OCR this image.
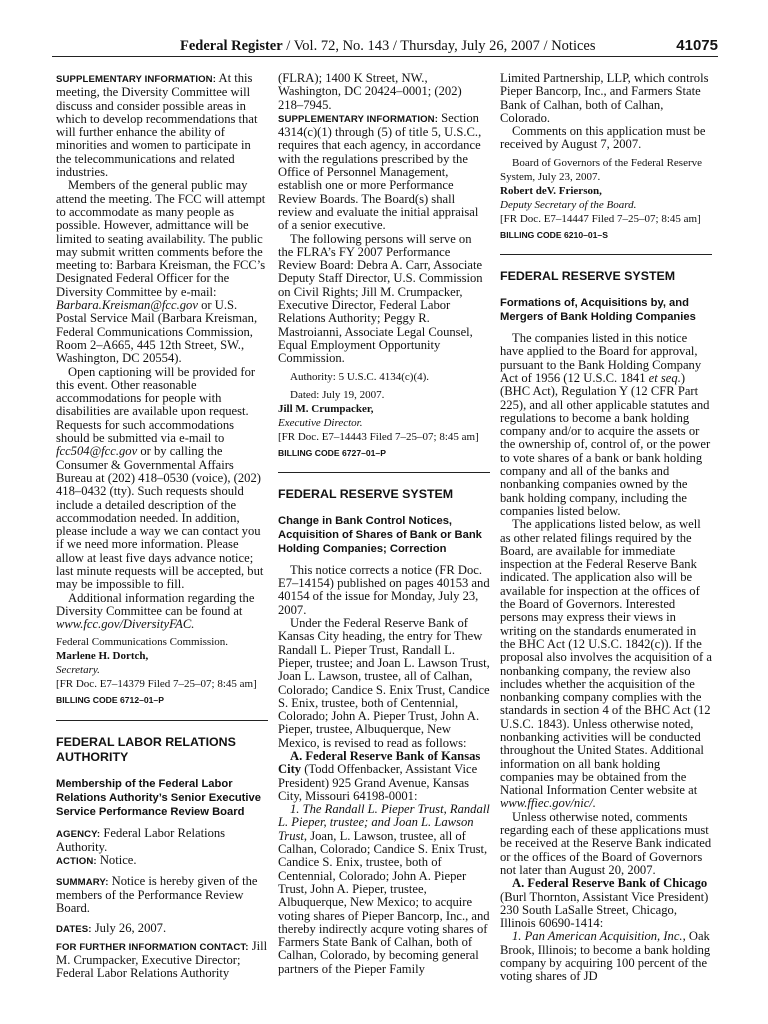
Federal Register / Vol. 72, No. 143 / Thursday, July 26, 2007 / Notices	41075

SUPPLEMENTARY INFORMATION: At this meeting, the Diversity Committee will discuss and consider possible areas in which to develop recommendations that will further enhance the ability of minorities and women to participate in the telecommunications and related industries.

Members of the general public may attend the meeting. The FCC will attempt to accommodate as many people as possible. However, admittance will be limited to seating availability. The public may submit written comments before the meeting to: Barbara Kreisman, the FCC’s Designated Federal Officer for the Diversity Committee by e-mail: Barbara.Kreisman@fcc.gov or U.S. Postal Service Mail (Barbara Kreisman, Federal Communications Commission, Room 2–A665, 445 12th Street, SW., Washington, DC 20554).

Open captioning will be provided for this event. Other reasonable accommodations for people with disabilities are available upon request. Requests for such accommodations should be submitted via e-mail to fcc504@fcc.gov or by calling the Consumer & Governmental Affairs Bureau at (202) 418–0530 (voice), (202) 418–0432 (tty). Such requests should include a detailed description of the accommodation needed. In addition, please include a way we can contact you if we need more information. Please allow at least five days advance notice; last minute requests will be accepted, but may be impossible to fill.

Additional information regarding the Diversity Committee can be found at www.fcc.gov/DiversityFAC.

Federal Communications Commission.

Marlene H. Dortch,

Secretary.

[FR Doc. E7–14379 Filed 7–25–07; 8:45 am]

BILLING CODE 6712–01–P

FEDERAL LABOR RELATIONS AUTHORITY

Membership of the Federal Labor Relations Authority’s Senior Executive Service Performance Review Board

AGENCY: Federal Labor Relations Authority.

ACTION: Notice.

SUMMARY: Notice is hereby given of the members of the Performance Review Board.

DATES: July 26, 2007.

FOR FURTHER INFORMATION CONTACT: Jill M. Crumpacker, Executive Director; Federal Labor Relations Authority

(FLRA); 1400 K Street, NW., Washington, DC 20424–0001; (202) 218–7945.

SUPPLEMENTARY INFORMATION: Section 4314(c)(1) through (5) of title 5, U.S.C., requires that each agency, in accordance with the regulations prescribed by the Office of Personnel Management, establish one or more Performance Review Boards. The Board(s) shall review and evaluate the initial appraisal of a senior executive.

The following persons will serve on the FLRA’s FY 2007 Performance Review Board: Debra A. Carr, Associate Deputy Staff Director, U.S. Commission on Civil Rights; Jill M. Crumpacker, Executive Director, Federal Labor Relations Authority; Peggy R. Mastroianni, Associate Legal Counsel, Equal Employment Opportunity Commission.

Authority: 5 U.S.C. 4134(c)(4).

Dated: July 19, 2007.

Jill M. Crumpacker,

Executive Director.

[FR Doc. E7–14443 Filed 7–25–07; 8:45 am]

BILLING CODE 6727–01–P

FEDERAL RESERVE SYSTEM

Change in Bank Control Notices, Acquisition of Shares of Bank or Bank Holding Companies; Correction

This notice corrects a notice (FR Doc. E7–14154) published on pages 40153 and 40154 of the issue for Monday, July 23, 2007.

Under the Federal Reserve Bank of Kansas City heading, the entry for Thew Randall L. Pieper Trust, Randall L. Pieper, trustee; and Joan L. Lawson Trust, Joan L. Lawson, trustee, all of Calhan, Colorado; Candice S. Enix Trust, Candice S. Enix, trustee, both of Centennial, Colorado; John A. Pieper Trust, John A. Pieper, trustee, Albuquerque, New Mexico, is revised to read as follows:

A. Federal Reserve Bank of Kansas City (Todd Offenbacker, Assistant Vice President) 925 Grand Avenue, Kansas City, Missouri 64198-0001:

1. The Randall L. Pieper Trust, Randall L. Pieper, trustee; and Joan L. Lawson Trust, Joan, L. Lawson, trustee, all of Calhan, Colorado; Candice S. Enix Trust, Candice S. Enix, trustee, both of Centennial, Colorado; John A. Pieper Trust, John A. Pieper, trustee, Albuquerque, New Mexico; to acquire voting shares of Pieper Bancorp, Inc., and thereby indirectly acqure voting shares of Farmers State Bank of Calhan, both of Calhan, Colorado, by becoming general partners of the Pieper Family

Limited Partnership, LLP, which controls Pieper Bancorp, Inc., and Farmers State Bank of Calhan, both of Calhan, Colorado.

Comments on this application must be received by August 7, 2007.

Board of Governors of the Federal Reserve System, July 23, 2007.

Robert deV. Frierson,

Deputy Secretary of the Board.

[FR Doc. E7–14447 Filed 7–25–07; 8:45 am]

BILLING CODE 6210–01–S

FEDERAL RESERVE SYSTEM

Formations of, Acquisitions by, and Mergers of Bank Holding Companies

The companies listed in this notice have applied to the Board for approval, pursuant to the Bank Holding Company Act of 1956 (12 U.S.C. 1841 et seq.) (BHC Act), Regulation Y (12 CFR Part 225), and all other applicable statutes and regulations to become a bank holding company and/or to acquire the assets or the ownership of, control of, or the power to vote shares of a bank or bank holding company and all of the banks and nonbanking companies owned by the bank holding company, including the companies listed below.

The applications listed below, as well as other related filings required by the Board, are available for immediate inspection at the Federal Reserve Bank indicated. The application also will be available for inspection at the offices of the Board of Governors. Interested persons may express their views in writing on the standards enumerated in the BHC Act (12 U.S.C. 1842(c)). If the proposal also involves the acquisition of a nonbanking company, the review also includes whether the acquisition of the nonbanking company complies with the standards in section 4 of the BHC Act (12 U.S.C. 1843). Unless otherwise noted, nonbanking activities will be conducted throughout the United States. Additional information on all bank holding companies may be obtained from the National Information Center website at www.ffiec.gov/nic/.

Unless otherwise noted, comments regarding each of these applications must be received at the Reserve Bank indicated or the offices of the Board of Governors not later than August 20, 2007.

A. Federal Reserve Bank of Chicago (Burl Thornton, Assistant Vice President) 230 South LaSalle Street, Chicago, Illinois 60690-1414:

1. Pan American Acquisition, Inc., Oak Brook, Illinois; to become a bank holding company by acquiring 100 percent of the voting shares of JD
